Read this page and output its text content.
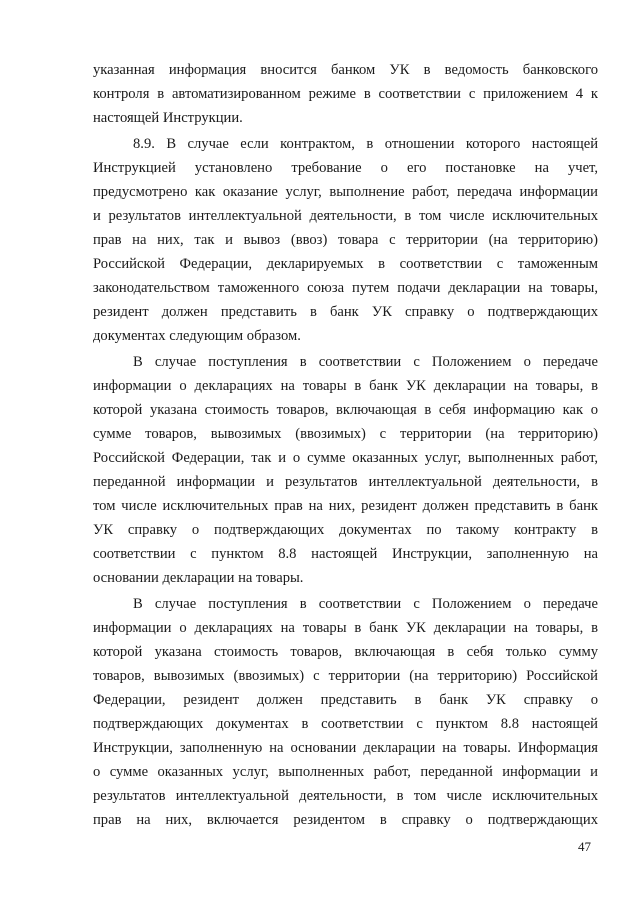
указанная информация вносится банком УК в ведомость банковского
контроля в автоматизированном режиме в соответствии с приложением 4 к
настоящей Инструкции.
8.9. В случае если контрактом, в отношении которого настоящей
Инструкцией установлено требование о его постановке на учет,
предусмотрено как оказание услуг, выполнение работ, передача информации
и результатов интеллектуальной деятельности, в том числе исключительных
прав на них, так и вывоз (ввоз) товара с территории (на территорию)
Российской Федерации, декларируемых в соответствии с таможенным
законодательством таможенного союза путем подачи декларации на товары,
резидент должен представить в банк УК справку о подтверждающих
документах следующим образом.
В случае поступления в соответствии с Положением о передаче
информации о декларациях на товары в банк УК декларации на товары, в
которой указана стоимость товаров, включающая в себя информацию как о
сумме товаров, вывозимых (ввозимых) с территории (на территорию)
Российской Федерации, так и о сумме оказанных услуг, выполненных работ,
переданной информации и результатов интеллектуальной деятельности, в
том числе исключительных прав на них, резидент должен представить в банк
УК справку о подтверждающих документах по такому контракту в
соответствии с пунктом 8.8 настоящей Инструкции, заполненную на
основании декларации на товары.
В случае поступления в соответствии с Положением о передаче
информации о декларациях на товары в банк УК декларации на товары, в
которой указана стоимость товаров, включающая в себя только сумму
товаров, вывозимых (ввозимых) с территории (на территорию) Российской
Федерации, резидент должен представить в банк УК справку о
подтверждающих документах в соответствии с пунктом 8.8 настоящей
Инструкции, заполненную на основании декларации на товары. Информация
о сумме оказанных услуг, выполненных работ, переданной информации и
результатов интеллектуальной деятельности, в том числе исключительных
прав на них, включается резидентом в справку о подтверждающих
47
